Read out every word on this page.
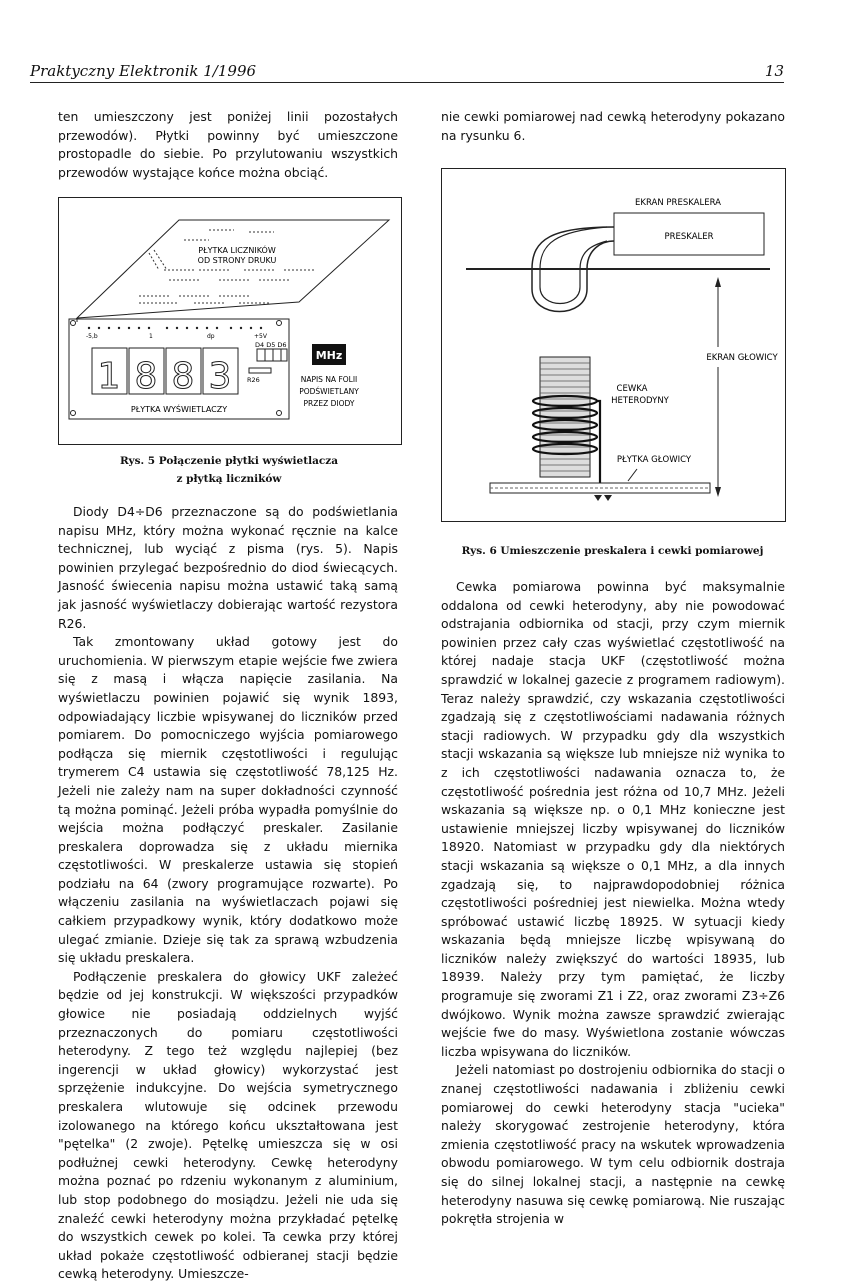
Praktyczny Elektronik 1/1996	13

ten umieszczony jest poniżej linii pozostałych przewodów). Płytki powinny być umieszczone prostopadle do siebie. Po przylutowaniu wszystkich przewodów wystające końce można obciąć.

PŁYTKA LICZNIKÓW
OD STRONY DRUKU
-5,b	1	dp	+5V
D4 D5 D6
R26
1 8 8 3
PŁYTKA WYŚWIETLACZY
MHz
NAPIS NA FOLII
PODŚWIETLANY
PRZEZ DIODY
Rys. 5 Połączenie płytki wyświetlacza
z płytką liczników

Diody D4÷D6 przeznaczone są do podświetlania napisu MHz, który można wykonać ręcznie na kalce technicznej, lub wyciąć z pisma (rys. 5). Napis powinien przylegać bezpośrednio do diod świecących. Jasność świecenia napisu można ustawić taką samą jak jasność wyświetlaczy dobierając wartość rezystora R26.

Tak zmontowany układ gotowy jest do uruchomienia. W pierwszym etapie wejście fwe zwiera się z masą i włącza napięcie zasilania. Na wyświetlaczu powinien pojawić się wynik 1893, odpowiadający liczbie wpisywanej do liczników przed pomiarem. Do pomocniczego wyjścia pomiarowego podłącza się miernik częstotliwości i regulując trymerem C4 ustawia się częstotliwość 78,125 Hz. Jeżeli nie zależy nam na super dokładności czynność tą można pominąć. Jeżeli próba wypadła pomyślnie do wejścia można podłączyć preskaler. Zasilanie preskalera doprowadza się z układu miernika częstotliwości. W preskalerze ustawia się stopień podziału na 64 (zwory programujące rozwarte). Po włączeniu zasilania na wyświetlaczach pojawi się całkiem przypadkowy wynik, który dodatkowo może ulegać zmianie. Dzieje się tak za sprawą wzbudzenia się układu preskalera.

Podłączenie preskalera do głowicy UKF zależeć będzie od jej konstrukcji. W większości przypadków głowice nie posiadają oddzielnych wyjść przeznaczonych do pomiaru częstotliwości heterodyny. Z tego też względu najlepiej (bez ingerencji w układ głowicy) wykorzystać jest sprzężenie indukcyjne. Do wejścia symetrycznego preskalera wlutowuje się odcinek przewodu izolowanego na którego końcu ukształtowana jest "pętelka" (2 zwoje). Pętelkę umieszcza się w osi podłużnej cewki heterodyny. Cewkę heterodyny można poznać po rdzeniu wykonanym z aluminium, lub stop podobnego do mosiądzu. Jeżeli nie uda się znaleźć cewki heterodyny można przykładać pętelkę do wszystkich cewek po kolei. Ta cewka przy której układ pokaże częstotliwość odbieranej stacji będzie cewką heterodyny. Umieszcze-

nie cewki pomiarowej nad cewką heterodyny pokazano na rysunku 6.

EKRAN PRESKALERA
PRESKALER
EKRAN GŁOWICY
CEWKA
HETERODYNY
PŁYTKA GŁOWICY
Rys. 6 Umieszczenie preskalera i cewki pomiarowej

Cewka pomiarowa powinna być maksymalnie oddalona od cewki heterodyny, aby nie powodować odstrajania odbiornika od stacji, przy czym miernik powinien przez cały czas wyświetlać częstotliwość na której nadaje stacja UKF (częstotliwość można sprawdzić w lokalnej gazecie z programem radiowym). Teraz należy sprawdzić, czy wskazania częstotliwości zgadzają się z częstotliwościami nadawania różnych stacji radiowych. W przypadku gdy dla wszystkich stacji wskazania są większe lub mniejsze niż wynika to z ich częstotliwości nadawania oznacza to, że częstotliwość pośrednia jest różna od 10,7 MHz. Jeżeli wskazania są większe np. o 0,1 MHz konieczne jest ustawienie mniejszej liczby wpisywanej do liczników 18920. Natomiast w przypadku gdy dla niektórych stacji wskazania są większe o 0,1 MHz, a dla innych zgadzają się, to najprawdopodobniej różnica częstotliwości pośredniej jest niewielka. Można wtedy spróbować ustawić liczbę 18925. W sytuacji kiedy wskazania będą mniejsze liczbę wpisywaną do liczników należy zwiększyć do wartości 18935, lub 18939. Należy przy tym pamiętać, że liczby programuje się zworami Z1 i Z2, oraz zworami Z3÷Z6 dwójkowo. Wynik można zawsze sprawdzić zwierając wejście fwe do masy. Wyświetlona zostanie wówczas liczba wpisywana do liczników.

Jeżeli natomiast po dostrojeniu odbiornika do stacji o znanej częstotliwości nadawania i zbliżeniu cewki pomiarowej do cewki heterodyny stacja "ucieka" należy skorygować zestrojenie heterodyny, która zmienia częstotliwość pracy na wskutek wprowadzenia obwodu pomiarowego. W tym celu odbiornik dostraja się do silnej lokalnej stacji, a następnie na cewkę heterodyny nasuwa się cewkę pomiarową. Nie ruszając pokrętła strojenia w
